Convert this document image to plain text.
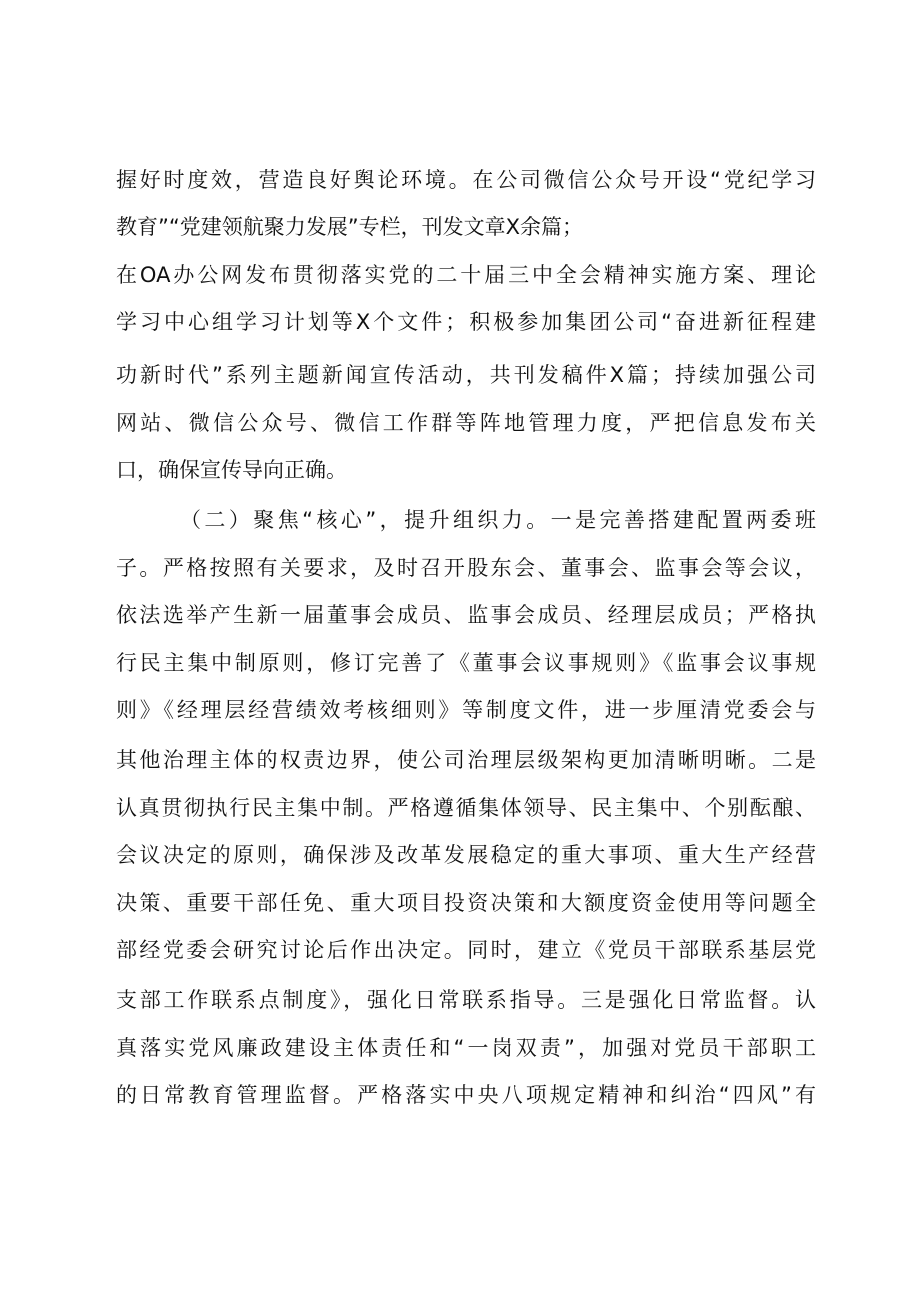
握好时度效，营造良好舆论环境。在公司微信公众号开设“党纪学习
教育”“党建领航聚力发展”专栏，刊发文章X余篇；
在OA办公网发布贯彻落实党的二十届三中全会精神实施方案、理论
学习中心组学习计划等X个文件；积极参加集团公司“奋进新征程建
功新时代”系列主题新闻宣传活动，共刊发稿件X篇；持续加强公司
网站、微信公众号、微信工作群等阵地管理力度，严把信息发布关
口，确保宣传导向正确。
（二）聚焦“核心”，提升组织力。一是完善搭建配置两委班
子。严格按照有关要求，及时召开股东会、董事会、监事会等会议，
依法选举产生新一届董事会成员、监事会成员、经理层成员；严格执
行民主集中制原则，修订完善了《董事会议事规则》《监事会议事规
则》《经理层经营绩效考核细则》等制度文件，进一步厘清党委会与
其他治理主体的权责边界，使公司治理层级架构更加清晰明晰。二是
认真贯彻执行民主集中制。严格遵循集体领导、民主集中、个别酝酿、
会议决定的原则，确保涉及改革发展稳定的重大事项、重大生产经营
决策、重要干部任免、重大项目投资决策和大额度资金使用等问题全
部经党委会研究讨论后作出决定。同时，建立《党员干部联系基层党
支部工作联系点制度》，强化日常联系指导。三是强化日常监督。认
真落实党风廉政建设主体责任和“一岗双责”，加强对党员干部职工
的日常教育管理监督。严格落实中央八项规定精神和纠治“四风”有
